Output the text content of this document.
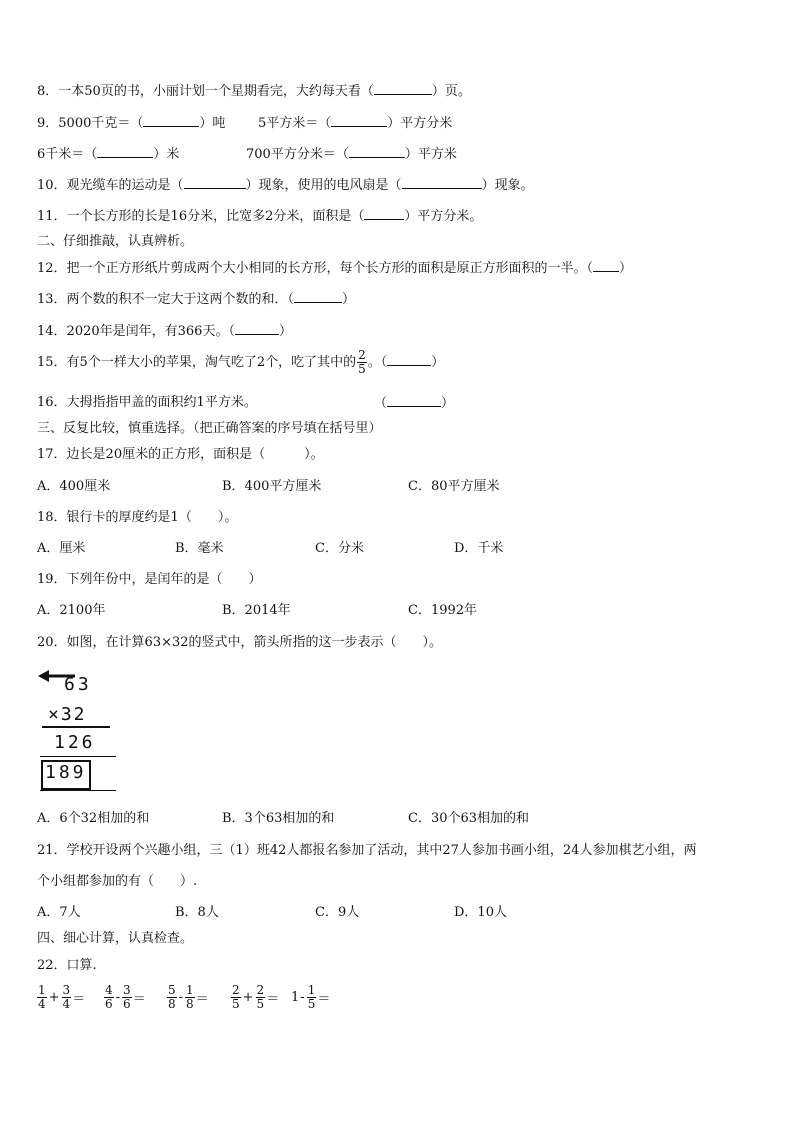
8．一本50页的书，小丽计划一个星期看完，大约每天看（	）页。
9．5000千克＝（	）吨	5平方米＝（	）平方分米
6千米＝（	）米	700平方分米＝（	）平方米
10．观光缆车的运动是（	）现象，使用的电风扇是（	）现象。
11．一个长方形的长是16分米，比宽多2分米，面积是（	）平方分米。
二、仔细推敲，认真辨析。
12．把一个正方形纸片剪成两个大小相同的长方形，每个长方形的面积是原正方形面积的一半。（ ）
13．两个数的积不一定大于这两个数的和．（	）
14．2020年是闰年，有366天。（	）
15．有5个一样大小的苹果，淘气吃了2个，吃了其中的 $\frac{2}{5}$ 。（	）
16．大拇指指甲盖的面积约1平方米。	（	）
三、反复比较，慎重选择。（把正确答案的序号填在括号里）
17．边长是20厘米的正方形，面积是（　　　）。
A．400厘米	B．400平方厘米	C．80平方厘米
18．银行卡的厚度约是1（　　）。
A．厘米	B．毫米	C．分米	D．千米
19．下列年份中，是闰年的是（　　）
A．2100年	B．2014年	C．1992年
20．如图，在计算63×32的竖式中，箭头所指的这一步表示（　　）。
63
×32
126
189
A．6个32相加的和	B．3个63相加的和	C．30个63相加的和
21．学校开设两个兴趣小组，三（1）班42人都报名参加了活动，其中27人参加书画小组，24人参加棋艺小组，两
个小组都参加的有（　　）.
A．7人	B．8人	C．9人	D．10人
四、细心计算，认真检查。
22．口算.
$\frac{1}{4} + \frac{3}{4} = \frac{4}{6} - \frac{3}{6} = \frac{5}{8} - \frac{1}{8} = \frac{2}{5} + \frac{2}{5} = 1 - \frac{1}{5}$ ＝
